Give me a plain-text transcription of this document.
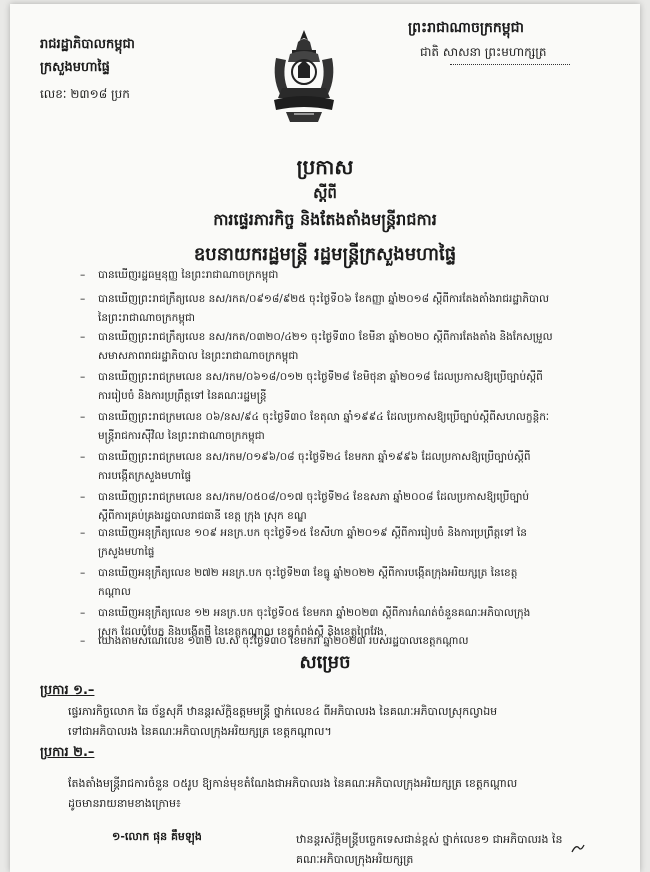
រាជរដ្ឋាភិបាលកម្ពុជា
ក្រសួងមហាផ្ទៃ
លេខៈ ២៣១៨ ប្រក
ព្រះរាជាណាចក្រកម្ពុជា
ជាតិ សាសនា ព្រះមហាក្សត្រ
ប្រកាស
ស្ដីពី
ការផ្ទេរភារកិច្ច និងតែងតាំងមន្ត្រីរាជការ
ឧបនាយករដ្ឋមន្ត្រី រដ្ឋមន្ត្រីក្រសួងមហាផ្ទៃ
– បានឃើញរដ្ឋធម្មនុញ្ញ នៃព្រះរាជាណាចក្រកម្ពុជា
– បានឃើញព្រះរាជក្រឹត្យលេខ នស/រកត/០៩១៨/៩២៥ ចុះថ្ងៃទី០៦ ខែកញ្ញា ឆ្នាំ២០១៨ ស្ដីពីការតែងតាំងរាជរដ្ឋាភិបាល
នៃព្រះរាជាណាចក្រកម្ពុជា
– បានឃើញព្រះរាជក្រឹត្យលេខ នស/រកត/០៣២០/៤២១ ចុះថ្ងៃទី៣០ ខែមីនា ឆ្នាំ២០២០ ស្ដីពីការតែងតាំង និងកែសម្រួល
សមាសភាពរាជរដ្ឋាភិបាល នៃព្រះរាជាណាចក្រកម្ពុជា
– បានឃើញព្រះរាជក្រមលេខ នស/រកម/០៦១៨/០១២ ចុះថ្ងៃទី២៨ ខែមិថុនា ឆ្នាំ២០១៨ ដែលប្រកាសឱ្យប្រើច្បាប់ស្ដីពី
ការរៀបចំ និងការប្រព្រឹត្តទៅ នៃគណៈរដ្ឋមន្ត្រី
– បានឃើញព្រះរាជក្រមលេខ ០៦/នស/៩៤ ចុះថ្ងៃទី៣០ ខែតុលា ឆ្នាំ១៩៩៤ ដែលប្រកាសឱ្យប្រើច្បាប់ស្ដីពីសហលក្ខន្តិកៈ
មន្ត្រីរាជការស៊ីវិល នៃព្រះរាជាណាចក្រកម្ពុជា
– បានឃើញព្រះរាជក្រមលេខ នស/រកម/០១៩៦/០៨ ចុះថ្ងៃទី២៤ ខែមករា ឆ្នាំ១៩៩៦ ដែលប្រកាសឱ្យប្រើច្បាប់ស្ដីពី
ការបង្កើតក្រសួងមហាផ្ទៃ
– បានឃើញព្រះរាជក្រមលេខ នស/រកម/០៥០៨/០១៧ ចុះថ្ងៃទី២៤ ខែឧសភា ឆ្នាំ២០០៨ ដែលប្រកាសឱ្យប្រើច្បាប់
ស្ដីពីការគ្រប់គ្រងរដ្ឋបាលរាជធានី ខេត្ត ក្រុង ស្រុក ខណ្ឌ
– បានឃើញអនុក្រឹត្យលេខ ១០៩ អនក្រ.បក ចុះថ្ងៃទី១៥ ខែសីហា ឆ្នាំ២០១៩ ស្ដីពីការរៀបចំ និងការប្រព្រឹត្តទៅ នៃ
ក្រសួងមហាផ្ទៃ
– បានឃើញអនុក្រឹត្យលេខ ២៧២ អនក្រ.បក ចុះថ្ងៃទី២៣ ខែធ្នូ ឆ្នាំ២០២២ ស្ដីពីការបង្កើតក្រុងអរិយក្សត្រ នៃខេត្ត
កណ្ដាល
– បានឃើញអនុក្រឹត្យលេខ ១២ អនក្រ.បក ចុះថ្ងៃទី០៥ ខែមករា ឆ្នាំ២០២៣ ស្ដីពីការកំណត់ចំនួនគណៈអភិបាលក្រុង
ស្រុក ដែលបំបែក និងបង្កើតថ្មី នៃខេត្តកណ្ដាល ខេត្តកំពង់ស្ពឺ និងខេត្តព្រៃវែង
– យោងតាមសំណើលេខ ១៣២ ល.ស ចុះថ្ងៃទី៣០ ខែមករា ឆ្នាំ២០២៣ របស់រដ្ឋបាលខេត្តកណ្ដាល
សម្រេច
ប្រការ ១.–
ផ្ទេរភារកិច្ចលោក ឆៃ ច័ន្ទសុភី ឋានន្តរស័ក្តិឧត្តមមន្ត្រី ថ្នាក់លេខ៤ ពីអភិបាលរង នៃគណៈអភិបាលស្រុកល្វាឯម
ទៅជាអភិបាលរង នៃគណៈអភិបាលក្រុងអរិយក្សត្រ ខេត្តកណ្ដាល។
ប្រការ ២.–
តែងតាំងមន្ត្រីរាជការចំនួន ០៥រូប ឱ្យកាន់មុខតំណែងជាអភិបាលរង នៃគណៈអភិបាលក្រុងអរិយក្សត្រ ខេត្តកណ្ដាល
ដូចមានរាយនាមខាងក្រោម៖
១-លោក ផុន គឹមឡុង	ឋានន្តរស័ក្តិមន្ត្រីបច្ចេកទេសជាន់ខ្ពស់ ថ្នាក់លេខ១ ជាអភិបាលរង នៃ
គណៈអភិបាលក្រុងអរិយក្សត្រ
